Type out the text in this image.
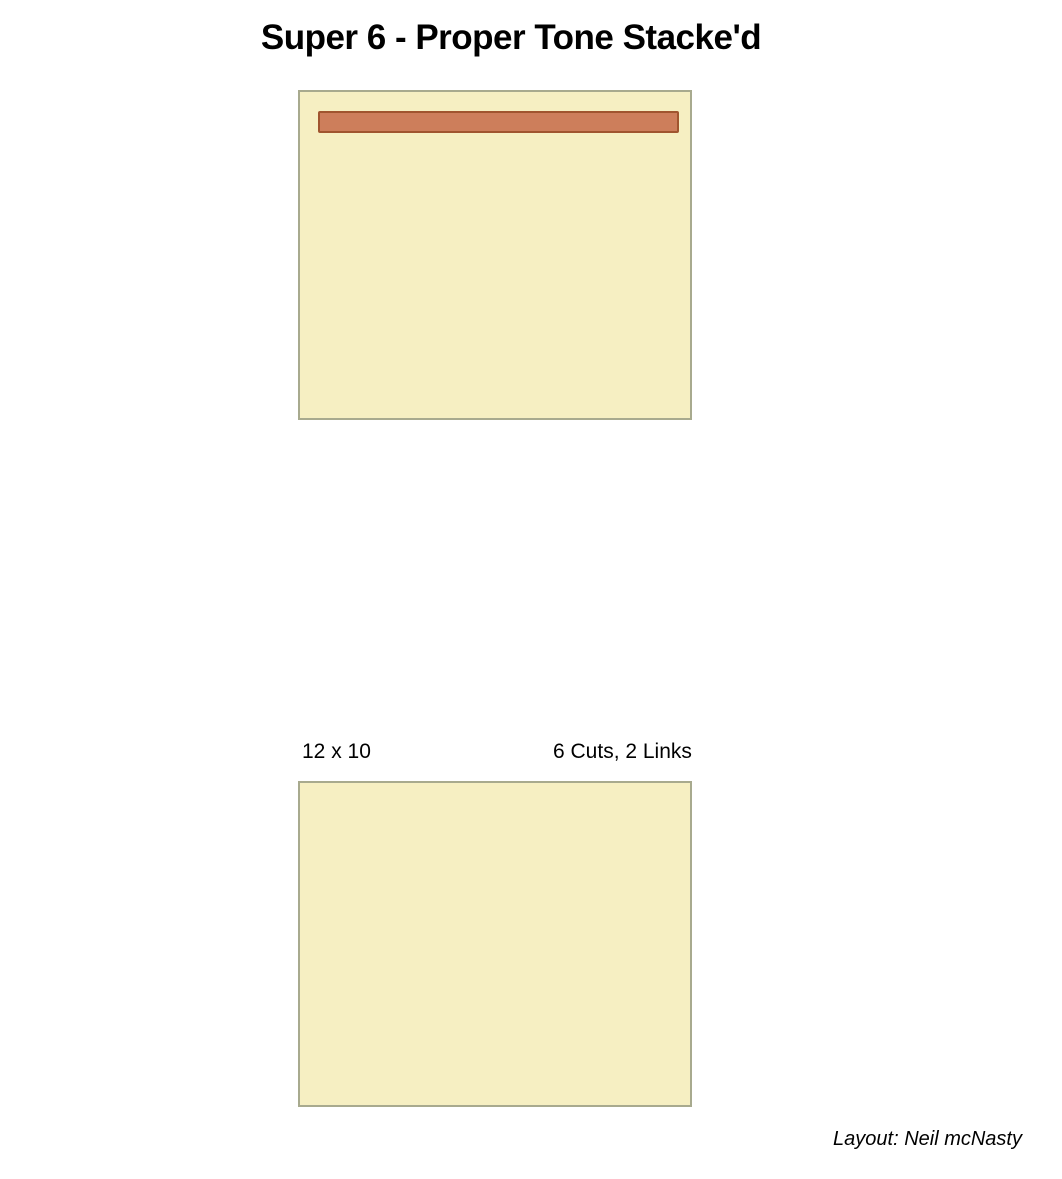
Super 6 - Proper Tone Stacke'd
12 x 10	6 Cuts, 2 Links
Layout: Neil mcNasty
